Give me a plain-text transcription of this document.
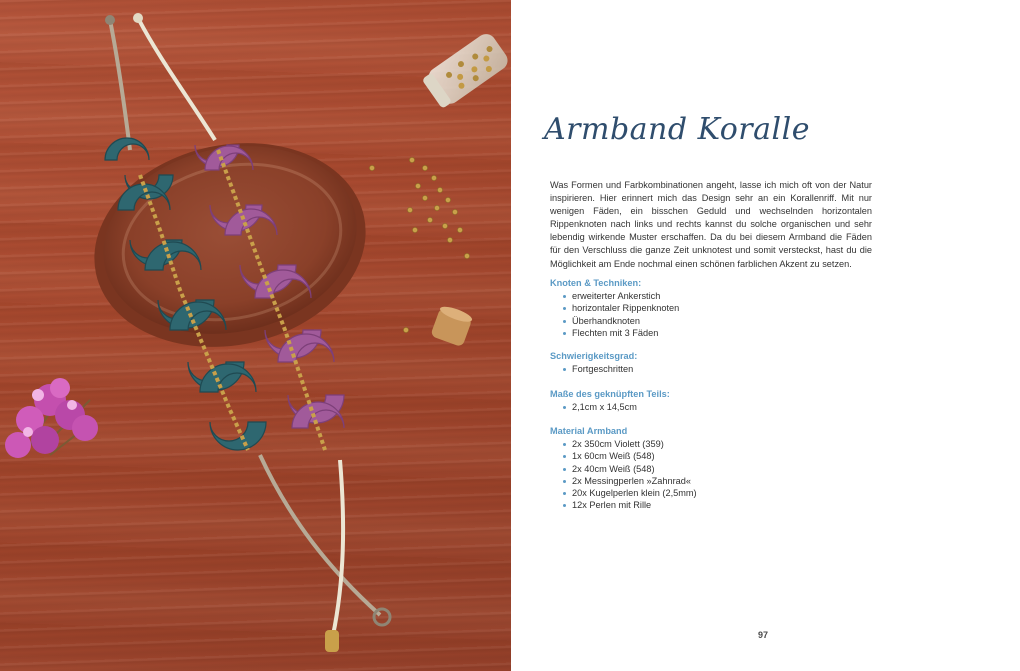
Armband Koralle

Was Formen und Farbkombinationen angeht, lasse ich mich oft von der Natur inspirieren. Hier erinnert mich das Design sehr an ein Korallenriff. Mit nur wenigen Fäden, ein bisschen Geduld und wechselnden horizontalen Rippenknoten nach links und rechts kannst du solche organischen und sehr lebendig wirkende Muster erschaffen. Da du bei diesem Armband die Fäden für den Verschluss die ganze Zeit unknotest und somit versteckst, hast du die Möglichkeit am Ende nochmal einen schönen farblichen Akzent zu setzen.

Knoten & Techniken:
erweiterter Ankerstich
horizontaler Rippenknoten
Überhandknoten
Flechten mit 3 Fäden
Schwierigkeitsgrad:
Fortgeschritten
Maße des geknüpften Teils:
2,1cm x 14,5cm
Material Armband
2x 350cm Violett (359)
1x 60cm Weiß (548)
2x 40cm Weiß (548)
2x Messingperlen »Zahnrad«
20x Kugelperlen klein (2,5mm)
12x Perlen mit Rille
97
